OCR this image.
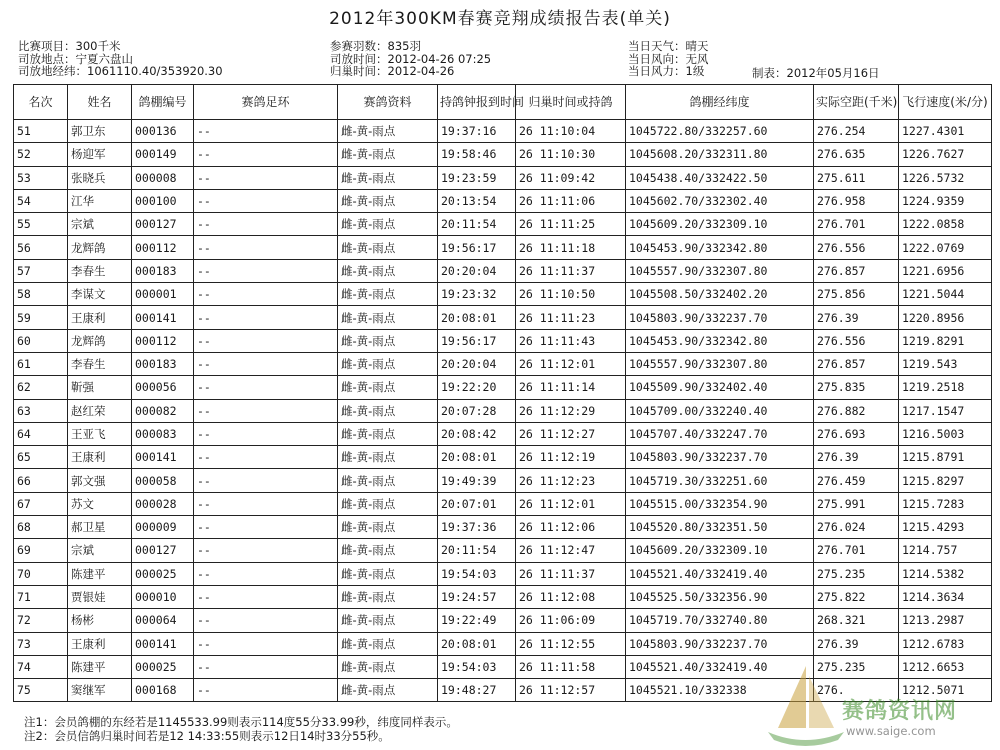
2012年300KM春赛竞翔成绩报告表(单关)
比赛项目：300千米
司放地点：宁夏六盘山
司放地经纬：1061110.40/353920.30
参赛羽数：835羽
司放时间：2012-04-26 07:25
归巢时间：2012-04-26
当日天气：晴天
当日风向：无风
当日风力：1级	制表：2012年05月16日
名次	姓名	鸽棚编号	赛鸽足环	赛鸽资料	持鸽钟报到时间	归巢时间或持鸽	鸽棚经纬度	实际空距(千米)	飞行速度(米/分)
51	郭卫东	000136	--	雌-黄-雨点	19:37:16	26 11:10:04	1045722.80/332257.60	276.254	1227.4301
52	杨迎军	000149	--	雌-黄-雨点	19:58:46	26 11:10:30	1045608.20/332311.80	276.635	1226.7627
53	张晓兵	000008	--	雌-黄-雨点	19:23:59	26 11:09:42	1045438.40/332422.50	275.611	1226.5732
54	江华	000100	--	雌-黄-雨点	20:13:54	26 11:11:06	1045602.70/332302.40	276.958	1224.9359
55	宗斌	000127	--	雌-黄-雨点	20:11:54	26 11:11:25	1045609.20/332309.10	276.701	1222.0858
56	龙辉鸽	000112	--	雌-黄-雨点	19:56:17	26 11:11:18	1045453.90/332342.80	276.556	1222.0769
57	李春生	000183	--	雌-黄-雨点	20:20:04	26 11:11:37	1045557.90/332307.80	276.857	1221.6956
58	李谋文	000001	--	雌-黄-雨点	19:23:32	26 11:10:50	1045508.50/332402.20	275.856	1221.5044
59	王康利	000141	--	雌-黄-雨点	20:08:01	26 11:11:23	1045803.90/332237.70	276.39	1220.8956
60	龙辉鸽	000112	--	雌-黄-雨点	19:56:17	26 11:11:43	1045453.90/332342.80	276.556	1219.8291
61	李春生	000183	--	雌-黄-雨点	20:20:04	26 11:12:01	1045557.90/332307.80	276.857	1219.543
62	靳强	000056	--	雌-黄-雨点	19:22:20	26 11:11:14	1045509.90/332402.40	275.835	1219.2518
63	赵红荣	000082	--	雌-黄-雨点	20:07:28	26 11:12:29	1045709.00/332240.40	276.882	1217.1547
64	王亚飞	000083	--	雌-黄-雨点	20:08:42	26 11:12:27	1045707.40/332247.70	276.693	1216.5003
65	王康利	000141	--	雌-黄-雨点	20:08:01	26 11:12:19	1045803.90/332237.70	276.39	1215.8791
66	郭文强	000058	--	雌-黄-雨点	19:49:39	26 11:12:23	1045719.30/332251.60	276.459	1215.8297
67	苏文	000028	--	雌-黄-雨点	20:07:01	26 11:12:01	1045515.00/332354.90	275.991	1215.7283
68	郝卫星	000009	--	雌-黄-雨点	19:37:36	26 11:12:06	1045520.80/332351.50	276.024	1215.4293
69	宗斌	000127	--	雌-黄-雨点	20:11:54	26 11:12:47	1045609.20/332309.10	276.701	1214.757
70	陈建平	000025	--	雌-黄-雨点	19:54:03	26 11:11:37	1045521.40/332419.40	275.235	1214.5382
71	贾银娃	000010	--	雌-黄-雨点	19:24:57	26 11:12:08	1045525.50/332356.90	275.822	1214.3634
72	杨彬	000064	--	雌-黄-雨点	19:22:49	26 11:06:09	1045719.70/332740.80	268.321	1213.2987
73	王康利	000141	--	雌-黄-雨点	20:08:01	26 11:12:55	1045803.90/332237.70	276.39	1212.6783
74	陈建平	000025	--	雌-黄-雨点	19:54:03	26 11:11:58	1045521.40/332419.40	275.235	1212.6653
75	窦继军	000168	--	雌-黄-雨点	19:48:27	26 11:12:57	1045521.10/332338	276.	1212.5071
注1：会员鸽棚的东经若是1145533.99则表示114度55分33.99秒，纬度同样表示。
注2：会员信鸽归巢时间若是12 14:33:55则表示12日14时33分55秒。
赛鸽资讯网
www.saige.com
